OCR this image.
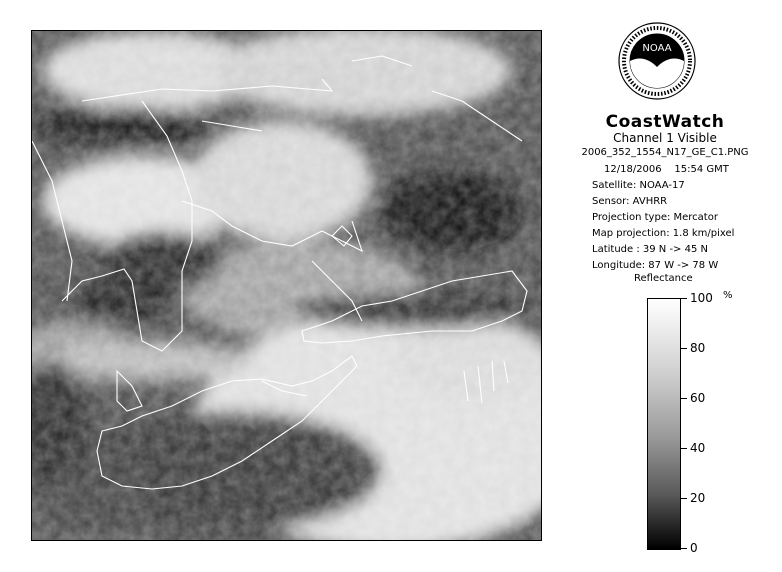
NOAA
CoastWatch
Channel 1 Visible
2006_352_1554_N17_GE_C1.PNG
12/18/2006 15:54 GMT
Satellite: NOAA-17
Sensor: AVHRR
Projection type: Mercator
Map projection: 1.8 km/pixel
Latitude : 39 N -> 45 N
Longitude: 87 W -> 78 W
Reflectance
%
100
80
60
40
20
0
